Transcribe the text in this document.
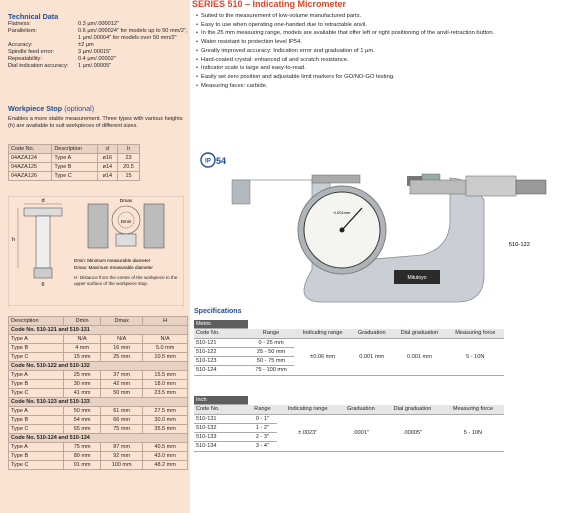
Technical Data

Flatness:	0.3 µm/.000012"
Parallelism:	0.6 µm/.000024" for models up to 50 mm/2", 1 µm/.00004" for models over 50 mm/2"
Accuracy:	±2 µm
Spindle feed error:	3 µm/.00015"
Repeatability:	0.4 µm/.00002"
Dial indication accuracy:	1 µm/.00005"

Workpiece Stop (optional)

Enables a more stable measurement. Three types with various heights (h) are available to suit workpieces of different sizes.
Code No.	Description	d	h
04AZA124	Type A	ø16	23
04AZA125	Type B	ø14	20.5
04AZA126	Type C	ø14	15
d
h
6
Dmax
Dmin
Dmin: Minimum measurable diameter
Dmax: Maximum measurable diameter
H: Distance from the centre of the workpiece to the upper surface of the workpiece stop.
Description	Dmin	Dmax	H
Code No. 510-121 and 510-131			
Type A	N/A	N/A	N/A
Type B	4 mm	16 mm	5.0 mm
Type C	15 mm	25 mm	10.5 mm
Code No. 510-122 and 510-132			
Type A	25 mm	37 mm	15.5 mm
Type B	30 mm	42 mm	18.0 mm
Type C	41 mm	50 mm	23.5 mm
Code No. 510-123 and 510-133			
Type A	50 mm	61 mm	27.5 mm
Type B	54 mm	66 mm	30.0 mm
Type C	65 mm	75 mm	35.5 mm
Code No. 510-124 and 510-134			
Type A	75 mm	87 mm	40.5 mm
Type B	80 mm	92 mm	43.0 mm
Type C	91 mm	100 mm	48.2 mm
SERIES 510 – Indicating Micrometer
• Suited to the measurement of low-volume manufactured parts.
• Easy to use when operating one-handed due to retractable anvil.
• In the 25 mm measuring range, models are available that offer left or right positioning of the anvil-retraction button.
• Water resistant to protection level IP54.
• Greatly improved accuracy: Indication error and graduation of 1 µm.
• Hard-coated crystal: enhanced oil and scratch resistance.
• Indicator scale is large and easy-to-read.
• Easily set zero position and adjustable limit markers for GO/NO-GO testing.
• Measuring faces: carbide.
IP 54
0.001mm
Mitutoyo
510-122
Specifications
Metric					
Code No.	Range	Indicating range	Graduation	Dial graduation	Measuring force
510-121	0 - 25 mm	±0.06 mm	0.001 mm	0.001 mm	5 - 10N
510-122	25 - 50 mm				
510-123	50 - 75 mm				
510-124	75 - 100 mm				
Inch					
Code No.	Range	Indicating range	Graduation	Dial graduation	Measuring force
510-131	0 - 1"	±.0023"	.0001"	.00005"	5 - 10N
510-132	1 - 2"				
510-133	2 - 3"				
510-134	3 - 4"				
